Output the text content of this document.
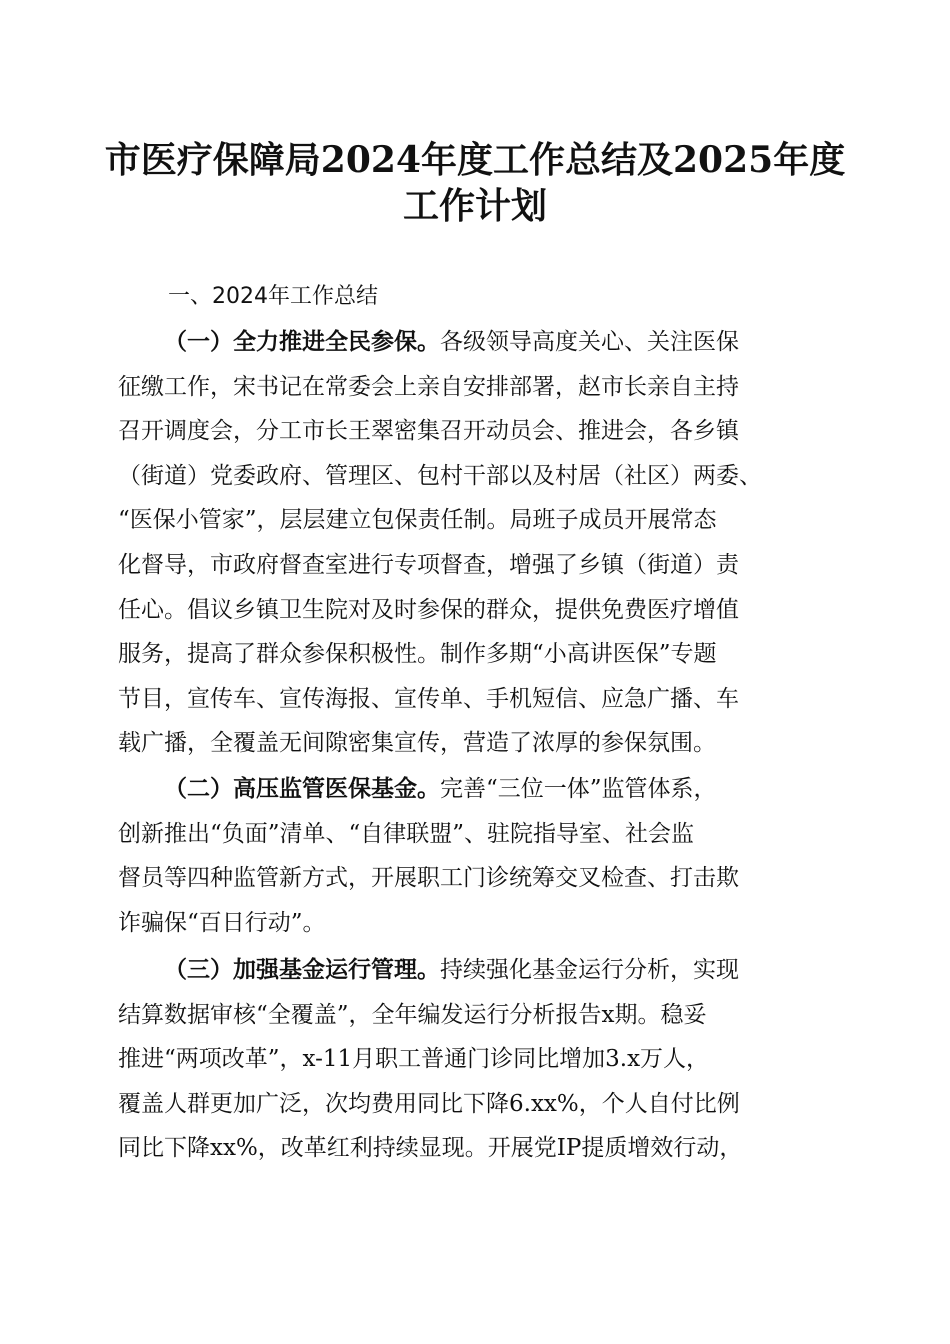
市医疗保障局2024年度工作总结及2025年度
工作计划
一、2024年工作总结
（一）全力推进全民参保。各级领导高度关心、关注医保
征缴工作，宋书记在常委会上亲自安排部署，赵市长亲自主持
召开调度会，分工市长王翠密集召开动员会、推进会，各乡镇
（街道）党委政府、管理区、包村干部以及村居（社区）两委、
“医保小管家”，层层建立包保责任制。局班子成员开展常态
化督导，市政府督查室进行专项督查，增强了乡镇（街道）责
任心。倡议乡镇卫生院对及时参保的群众，提供免费医疗增值
服务，提高了群众参保积极性。制作多期“小高讲医保”专题
节目，宣传车、宣传海报、宣传单、手机短信、应急广播、车
载广播，全覆盖无间隙密集宣传，营造了浓厚的参保氛围。
（二）高压监管医保基金。完善“三位一体”监管体系，
创新推出“负面”清单、“自律联盟”、驻院指导室、社会监
督员等四种监管新方式，开展职工门诊统筹交叉检查、打击欺
诈骗保“百日行动”。
（三）加强基金运行管理。持续强化基金运行分析，实现
结算数据审核“全覆盖”，全年编发运行分析报告x期。稳妥
推进“两项改革”，x-11月职工普通门诊同比增加3.x万人，
覆盖人群更加广泛，次均费用同比下降6.xx%，个人自付比例
同比下降xx%，改革红利持续显现。开展党IP提质增效行动，
